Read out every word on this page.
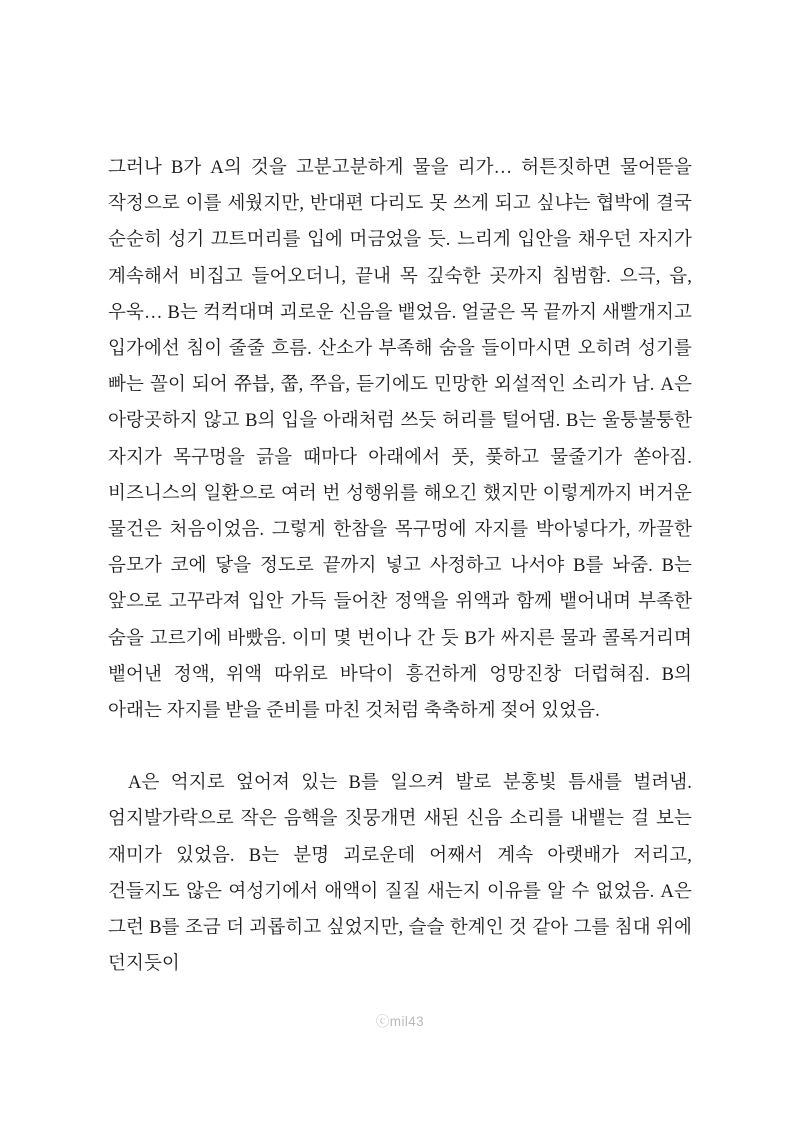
그러나 B가 A의 것을 고분고분하게 물을 리가… 허튼짓하면 물어뜯을 작정으로 이를 세웠지만, 반대편 다리도 못 쓰게 되고 싶냐는 협박에 결국 순순히 성기 끄트머리를 입에 머금었을 듯. 느리게 입안을 채우던 자지가 계속해서 비집고 들어오더니, 끝내 목 깊숙한 곳까지 침범함. 으극, 읍, 우욱… B는 컥컥대며 괴로운 신음을 뱉었음. 얼굴은 목 끝까지 새빨개지고 입가에선 침이 줄줄 흐름. 산소가 부족해 숨을 들이마시면 오히려 성기를 빠는 꼴이 되어 쮸븝, 쭙, 쭈읍, 듣기에도 민망한 외설적인 소리가 남. A은 아랑곳하지 않고 B의 입을 아래처럼 쓰듯 허리를 털어댐. B는 울퉁불퉁한 자지가 목구멍을 긁을 때마다 아래에서 풋, 풎하고 물줄기가 쏟아짐. 비즈니스의 일환으로 여러 번 성행위를 해오긴 했지만 이렇게까지 버거운 물건은 처음이었음. 그렇게 한참을 목구멍에 자지를 박아넣다가, 까끌한 음모가 코에 닿을 정도로 끝까지 넣고 사정하고 나서야 B를 놔줌. B는 앞으로 고꾸라져 입안 가득 들어찬 정액을 위액과 함께 뱉어내며 부족한 숨을 고르기에 바빴음. 이미 몇 번이나 간 듯 B가 싸지른 물과 콜록거리며 뱉어낸 정액, 위액 따위로 바닥이 흥건하게 엉망진창 더럽혀짐. B의 아래는 자지를 받을 준비를 마친 것처럼 축축하게 젖어 있었음.

A은 억지로 엎어져 있는 B를 일으켜 발로 분홍빛 틈새를 벌려냄. 엄지발가락으로 작은 음핵을 짓뭉개면 새된 신음 소리를 내뱉는 걸 보는 재미가 있었음. B는 분명 괴로운데 어째서 계속 아랫배가 저리고, 건들지도 않은 여성기에서 애액이 질질 새는지 이유를 알 수 없었음. A은 그런 B를 조금 더 괴롭히고 싶었지만, 슬슬 한계인 것 같아 그를 침대 위에 던지듯이

ⓒmil43
